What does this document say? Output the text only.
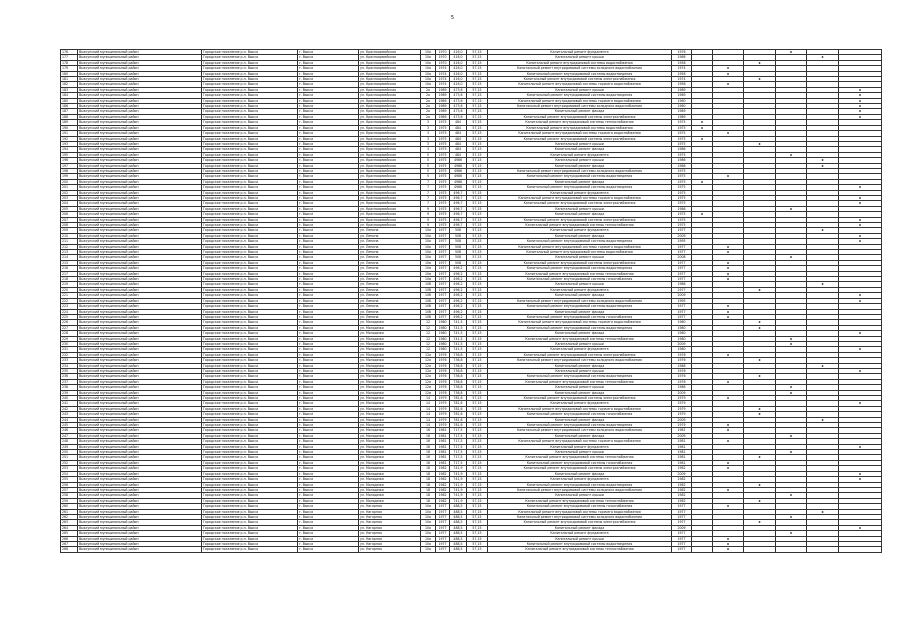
5
176	Выксунский муниципальный район	Городское поселение р.п. Выкса	г. Выкса	ул. Красноармейская	10а	1970	416,0	57,15	Капитальный ремонт фундамента	1976				x		
177	Выксунский муниципальный район	Городское поселение р.п. Выкса	г. Выкса	ул. Красноармейская	10а	1970	416,0	57,15	Капитальный ремонт крыши	1986					x	
178	Выксунский муниципальный район	Городское поселение р.п. Выкса	г. Выкса	ул. Красноармейская	10а	1970	416,0	57,15	Капитальный ремонт внутридомовой системы водоснабжения	1958			x			
179	Выксунский муниципальный район	Городское поселение р.п. Выкса	г. Выкса	ул. Красноармейская	10а	1974	416,0	57,15	Капитальный ремонт внутридомовой системы холодного водоснабжения	1974		x				
180	Выксунский муниципальный район	Городское поселение р.п. Выкса	г. Выкса	ул. Красноармейская	10а	1974	416,0	57,15	Капитальный ремонт внутридомовой системы водоотведения	1958		x				
181	Выксунский муниципальный район	Городское поселение р.п. Выкса	г. Выкса	ул. Красноармейская	10а	1974	416,0	57,15	Капитальный ремонт внутридомовой системы электроснабжения	1974			x			
182	Выксунский муниципальный район	Городское поселение р.п. Выкса	г. Выкса	ул. Красноармейская	10а	1974	416,0	57,15	Капитальный ремонт внутридомовой системы горячего водоснабжения	1958		x				
183	Выксунский муниципальный район	Городское поселение р.п. Выкса	г. Выкса	ул. Красноармейская	2а	1989	473,6	57,15	Капитальный ремонт крыши	1989						x
184	Выксунский муниципальный район	Городское поселение р.п. Выкса	г. Выкса	ул. Красноармейская	2а	1989	473,6	57,15	Капитальный ремонт внутридомовой системы водоотведения	1989						x
185	Выксунский муниципальный район	Городское поселение р.п. Выкса	г. Выкса	ул. Красноармейская	2а	1989	473,6	57,15	Капитальный ремонт внутридомовой системы горячего водоснабжения	1960						x
186	Выксунский муниципальный район	Городское поселение р.п. Выкса	г. Выкса	ул. Красноармейская	2а	1989	473,6	57,15	Капитальный ремонт внутридомовой системы холодного водоснабжения	1960						x
187	Выксунский муниципальный район	Городское поселение р.п. Выкса	г. Выкса	ул. Красноармейская	2а	1989	473,6	57,15	Капитальный ремонт фасада	1989						x
188	Выксунский муниципальный район	Городское поселение р.п. Выкса	г. Выкса	ул. Красноармейская	2а	1989	473,6	57,15	Капитальный ремонт внутридомовой системы электроснабжения	1989						x
189	Выксунский муниципальный район	Городское поселение р.п. Выкса	г. Выкса	ул. Красноармейская	3	1975	484	57,15	Капитальный ремонт внутридомовой системы теплоснабжения	1975	x					
190	Выксунский муниципальный район	Городское поселение р.п. Выкса	г. Выкса	ул. Красноармейская	3	1975	484	57,15	Капитальный ремонт внутридомовой системы водоснабжения	1975	x					
191	Выксунский муниципальный район	Городское поселение р.п. Выкса	г. Выкса	ул. Красноармейская	3	1975	484	57,15	Капитальный ремонт внутридомовой системы горячего водоснабжения	1975		x				
192	Выксунский муниципальный район	Городское поселение р.п. Выкса	г. Выкса	ул. Красноармейская	3	1975	484	57,15	Капитальный ремонт внутридомовой системы электроснабжения	1975	x					
193	Выксунский муниципальный район	Городское поселение р.п. Выкса	г. Выкса	ул. Красноармейская	3	1975	484	57,15	Капитальный ремонт крыши	1975			x			
194	Выксунский муниципальный район	Городское поселение р.п. Выкса	г. Выкса	ул. Красноармейская	3	1975	484	57,15	Капитальный ремонт фасада	1986						
195	Выксунский муниципальный район	Городское поселение р.п. Выкса	г. Выкса	ул. Красноармейская	5	1975	484	57,15	Капитальный ремонт фундамента	1975				x		
196	Выксунский муниципальный район	Городское поселение р.п. Выкса	г. Выкса	ул. Красноармейская	5	1975	4986	57,15	Капитальный ремонт крыши	1986					x	
197	Выксунский муниципальный район	Городское поселение р.п. Выкса	г. Выкса	ул. Красноармейская	5	1975	4986	57,15	Капитальный ремонт фасада	1986					x	
198	Выксунский муниципальный район	Городское поселение р.п. Выкса	г. Выкса	ул. Красноармейская	5	1975	4986	57,15	Капитальный ремонт внутридомовой системы холодного водоснабжения	1975						
199	Выксунский муниципальный район	Городское поселение р.п. Выкса	г. Выкса	ул. Красноармейская	5	1975	4986	57,15	Капитальный ремонт внутридомовой системы водоотведения	1975		x				
200	Выксунский муниципальный район	Городское поселение р.п. Выкса	г. Выкса	ул. Красноармейская	7	1975	4986	57,15	Капитальный ремонт фасада	1975	x					
201	Выксунский муниципальный район	Городское поселение р.п. Выкса	г. Выкса	ул. Красноармейская	7	1975	4986	57,15	Капитальный ремонт внутридомовой системы водоотведения	1975						x
202	Выксунский муниципальный район	Городское поселение р.п. Выкса	г. Выкса	ул. Красноармейская	7	1975	496,7	57,15	Капитальный ремонт фундамента	1975						
203	Выксунский муниципальный район	Городское поселение р.п. Выкса	г. Выкса	ул. Красноармейская	7	1975	496,7	57,15	Капитальный ремонт внутридомовой системы горячего водоснабжения	1975						x
204	Выксунский муниципальный район	Городское поселение р.п. Выкса	г. Выкса	ул. Красноармейская	7	1975	496,7	57,15	Капитальный ремонт внутридомовой системы электроснабжения	1975						x
205	Выксунский муниципальный район	Городское поселение р.п. Выкса	г. Выкса	ул. Красноармейская	9	1975	496,7	57,15	Капитальный ремонт крыши	1986				x		
206	Выксунский муниципальный район	Городское поселение р.п. Выкса	г. Выкса	ул. Красноармейская	9	1975	496,7	57,15	Капитальный ремонт фасада	1975	x					
207	Выксунский муниципальный район	Городское поселение р.п. Выкса	г. Выкса	ул. Красноармейская	9	1975	496,7	57,15	Капитальный ремонт внутридомовой системы электроснабжения	1975						x
208	Выксунский муниципальный район	Городское поселение р.п. Выкса	г. Выкса	ул. Красноармейская	9	1975	496,7	57,15	Капитальный ремонт внутридомовой системы теплоснабжения	1975						x
209	Выксунский муниципальный район	Городское поселение р.п. Выкса	г. Выкса	ул. Ленина	10а	1977	508	57,15	Капитальный ремонт фундамента	1977					x	
210	Выксунский муниципальный район	Городское поселение р.п. Выкса	г. Выкса	ул. Ленина	10а	1977	508	57,15	Капитальный ремонт фасада	2009						x
211	Выксунский муниципальный район	Городское поселение р.п. Выкса	г. Выкса	ул. Ленина	10а	1977	508	57,15	Капитальный ремонт внутридомовой системы водоотведения	1995						x
212	Выксунский муниципальный район	Городское поселение р.п. Выкса	г. Выкса	ул. Ленина	10а	1977	508	57,15	Капитальный ремонт внутридомовой системы горячего водоснабжения	1977		x				
213	Выксунский муниципальный район	Городское поселение р.п. Выкса	г. Выкса	ул. Ленина	10а	1977	508	57,15	Капитальный ремонт внутридомовой системы водоснабжения	1977		x				
214	Выксунский муниципальный район	Городское поселение р.п. Выкса	г. Выкса	ул. Ленина	10а	1977	508	57,15	Капитальный ремонт крыши	2008				x		
215	Выксунский муниципальный район	Городское поселение р.п. Выкса	г. Выкса	ул. Ленина	10в	1977	508	57,15	Капитальный ремонт внутридомовой системы электроснабжения	1977		x				
216	Выксунский муниципальный район	Городское поселение р.п. Выкса	г. Выкса	ул. Ленина	10в	1977	496,2	57,15	Капитальный ремонт внутридомовой системы водоотведения	1977		x				
217	Выксунский муниципальный район	Городское поселение р.п. Выкса	г. Выкса	ул. Ленина	10в	1977	496,2	57,15	Капитальный ремонт внутридомовой системы теплоснабжения	1977		x				
218	Выксунский муниципальный район	Городское поселение р.п. Выкса	г. Выкса	ул. Ленина	10в	1977	496,2	57,15	Капитальный ремонт внутридомовой системы газоснабжения	1977		x				
219	Выксунский муниципальный район	Городское поселение р.п. Выкса	г. Выкса	ул. Ленина	10б	1977	496,2	57,15	Капитальный ремонт крыши	1986					x	
220	Выксунский муниципальный район	Городское поселение р.п. Выкса	г. Выкса	ул. Ленина	10б	1977	496,2	57,15	Капитальный ремонт фундамента	1977			x			
221	Выксунский муниципальный район	Городское поселение р.п. Выкса	г. Выкса	ул. Ленина	10б	1977	496,2	57,15	Капитальный ремонт фасада	2009						x
222	Выксунский муниципальный район	Городское поселение р.п. Выкса	г. Выкса	ул. Ленина	10б	1977	496,2	57,15	Капитальный ремонт внутридомовой системы холодного водоснабжения	1995						x
223	Выксунский муниципальный район	Городское поселение р.п. Выкса	г. Выкса	ул. Ленина	10б	1977	496,2	57,15	Капитальный ремонт внутридомовой системы водоотведения	1977		x				
224	Выксунский муниципальный район	Городское поселение р.п. Выкса	г. Выкса	ул. Ленина	10б	1977	496,2	57,15	Капитальный ремонт фасада	1977		x				
225	Выксунский муниципальный район	Городское поселение р.п. Выкса	г. Выкса	ул. Ленина	10б	1977	496,2	57,15	Капитальный ремонт внутридомовой системы газоснабжения	1977		x				
226	Выксунский муниципальный район	Городское поселение р.п. Выкса	г. Выкса	ул. Молодежи	12	1980	741,5	57,15	Капитальный ремонт внутридомовой системы горячего водоснабжения	1980			x			
227	Выксунский муниципальный район	Городское поселение р.п. Выкса	г. Выкса	ул. Молодежи	12	1980	741,5	57,15	Капитальный ремонт внутридомовой системы водоотведения	1980			x			
228	Выксунский муниципальный район	Городское поселение р.п. Выкса	г. Выкса	ул. Молодежи	12	1980	741,5	57,15	Капитальный ремонт фасада	1980						x
229	Выксунский муниципальный район	Городское поселение р.п. Выкса	г. Выкса	ул. Молодежи	12	1980	741,5	57,15	Капитальный ремонт внутридомовой системы теплоснабжения	1980				x		
230	Выксунский муниципальный район	Городское поселение р.п. Выкса	г. Выкса	ул. Молодежи	12	1980	741,5	57,15	Капитальный ремонт крыши	2009				x		
231	Выксунский муниципальный район	Городское поселение р.п. Выкса	г. Выкса	ул. Молодежи	12	1980	741,5	57,15	Капитальный ремонт фундамента	1980						x
232	Выксунский муниципальный район	Городское поселение р.п. Выкса	г. Выкса	ул. Молодежи	12а	1976	736,8	57,15	Капитальный ремонт внутридомовой системы электроснабжения	1976		x				
233	Выксунский муниципальный район	Городское поселение р.п. Выкса	г. Выкса	ул. Молодежи	12а	1976	736,8	57,15	Капитальный ремонт внутридомовой системы холодного водоснабжения	1976			x			
234	Выксунский муниципальный район	Городское поселение р.п. Выкса	г. Выкса	ул. Молодежи	12а	1976	736,8	57,15	Капитальный ремонт фасада	1988					x	
235	Выксунский муниципальный район	Городское поселение р.п. Выкса	г. Выкса	ул. Молодежи	12а	1976	736,8	57,15	Капитальный ремонт крыши	1976						x
236	Выксунский муниципальный район	Городское поселение р.п. Выкса	г. Выкса	ул. Молодежи	12а	1976	736,8	57,15	Капитальный ремонт внутридомовой системы водоотведения	1976			x			
237	Выксунский муниципальный район	Городское поселение р.п. Выкса	г. Выкса	ул. Молодежи	12а	1976	736,8	57,15	Капитальный ремонт внутридомовой системы теплоснабжения	1976		x				
238	Выксунский муниципальный район	Городское поселение р.п. Выкса	г. Выкса	ул. Молодежи	12в	1976	736,8	57,15	Капитальный ремонт крыши	1986				x		
239	Выксунский муниципальный район	Городское поселение р.п. Выкса	г. Выкса	ул. Молодежи	12в	1976	736,8	57,15	Капитальный ремонт фасада	2009				x		
240	Выксунский муниципальный район	Городское поселение р.п. Выкса	г. Выкса	ул. Молодежи	14	1979	781,6	57,15	Капитальный ремонт внутридомовой системы электроснабжения	1979		x				
241	Выксунский муниципальный район	Городское поселение р.п. Выкса	г. Выкса	ул. Молодежи	14	1979	781,6	57,15	Капитальный ремонт фундамента	1979						x
242	Выксунский муниципальный район	Городское поселение р.п. Выкса	г. Выкса	ул. Молодежи	14	1979	781,6	57,15	Капитальный ремонт внутридомовой системы горячего водоснабжения	1979			x			
243	Выксунский муниципальный район	Городское поселение р.п. Выкса	г. Выкса	ул. Молодежи	14	1979	781,6	57,15	Капитальный ремонт внутридомовой системы газоснабжения	1979			x			
244	Выксунский муниципальный район	Городское поселение р.п. Выкса	г. Выкса	ул. Молодежи	14	1979	781,6	57,15	Капитальный ремонт фасада	2009					x	
245	Выксунский муниципальный район	Городское поселение р.п. Выкса	г. Выкса	ул. Молодежи	14	1979	781,6	57,15	Капитальный ремонт внутридомовой системы водоотведения	1979		x				
246	Выксунский муниципальный район	Городское поселение р.п. Выкса	г. Выкса	ул. Молодежи	16	1981	717,5	57,15	Капитальный ремонт внутридомовой системы холодного водоснабжения	1981		x				
247	Выксунский муниципальный район	Городское поселение р.п. Выкса	г. Выкса	ул. Молодежи	16	1981	717,5	57,15	Капитальный ремонт фасада	2009				x		
248	Выксунский муниципальный район	Городское поселение р.п. Выкса	г. Выкса	ул. Молодежи	16	1981	717,5	57,15	Капитальный ремонт внутридомовой системы горячего водоснабжения	1981		x				
249	Выксунский муниципальный район	Городское поселение р.п. Выкса	г. Выкса	ул. Молодежи	16	1981	717,5	57,15	Капитальный ремонт фундамента	1981						x
250	Выксунский муниципальный район	Городское поселение р.п. Выкса	г. Выкса	ул. Молодежи	16	1981	717,5	57,15	Капитальный ремонт крыши	1981				x		
251	Выксунский муниципальный район	Городское поселение р.п. Выкса	г. Выкса	ул. Молодежи	16	1981	717,5	57,15	Капитальный ремонт внутридомовой системы теплоснабжения	1981			x			
252	Выксунский муниципальный район	Городское поселение р.п. Выкса	г. Выкса	ул. Молодежи	16	1981	717,5	57,15	Капитальный ремонт внутридомовой системы газоснабжения	1981		x				
253	Выксунский муниципальный район	Городское поселение р.п. Выкса	г. Выкса	ул. Молодежи	18	1982	741,9	57,15	Капитальный ремонт внутридомовой системы электроснабжения	1982		x				
254	Выксунский муниципальный район	Городское поселение р.п. Выкса	г. Выкса	ул. Молодежи	18	1982	741,9	57,15	Капитальный ремонт фасада	2009						x
255	Выксунский муниципальный район	Городское поселение р.п. Выкса	г. Выкса	ул. Молодежи	18	1982	741,9	57,15	Капитальный ремонт фундамента	1982						x
256	Выксунский муниципальный район	Городское поселение р.п. Выкса	г. Выкса	ул. Молодежи	18	1982	741,9	57,15	Капитальный ремонт внутридомовой системы водоотведения	1982			x			
257	Выксунский муниципальный район	Городское поселение р.п. Выкса	г. Выкса	ул. Молодежи	18	1982	741,9	57,15	Капитальный ремонт внутридомовой системы холодного водоснабжения	1982		x				
258	Выксунский муниципальный район	Городское поселение р.п. Выкса	г. Выкса	ул. Молодежи	18	1982	741,9	57,15	Капитальный ремонт крыши	1982				x		
259	Выксунский муниципальный район	Городское поселение р.п. Выкса	г. Выкса	ул. Молодежи	18	1982	741,9	57,15	Капитальный ремонт внутридомовой системы теплоснабжения	1982			x			
260	Выксунский муниципальный район	Городское поселение р.п. Выкса	г. Выкса	ул. Нагорная	10а	1977	488,5	57,15	Капитальный ремонт внутридомовой системы газоснабжения	1977		x				
261	Выксунский муниципальный район	Городское поселение р.п. Выкса	г. Выкса	ул. Нагорная	10а	1977	488,5	57,15	Капитальный ремонт внутридомовой системы горячего водоснабжения	1977					x	
262	Выксунский муниципальный район	Городское поселение р.п. Выкса	г. Выкса	ул. Нагорная	10а	1977	488,5	57,15	Капитальный ремонт внутридомовой системы холодного водоснабжения	1977				x		
263	Выксунский муниципальный район	Городское поселение р.п. Выкса	г. Выкса	ул. Нагорная	10а	1977	488,5	57,15	Капитальный ремонт внутридомовой системы электроснабжения	1977			x			
264	Выксунский муниципальный район	Городское поселение р.п. Выкса	г. Выкса	ул. Нагорная	10а	1977	488,5	57,15	Капитальный ремонт фасада	2009						x
265	Выксунский муниципальный район	Городское поселение р.п. Выкса	г. Выкса	ул. Нагорная	10а	1977	488,5	57,15	Капитальный ремонт фундамента	1977				x		
266	Выксунский муниципальный район	Городское поселение р.п. Выкса	г. Выкса	ул. Нагорная	10а	1977	488,5	57,15	Капитальный ремонт крыши	1977		x				
267	Выксунский муниципальный район	Городское поселение р.п. Выкса	г. Выкса	ул. Нагорная	10а	1977	488,5	57,15	Капитальный ремонт внутридомовой системы водоотведения	1977		x				
268	Выксунский муниципальный район	Городское поселение р.п. Выкса	г. Выкса	ул. Нагорная	10а	1977	488,5	57,15	Капитальный ремонт внутридомовой системы теплоснабжения	1977		x				
